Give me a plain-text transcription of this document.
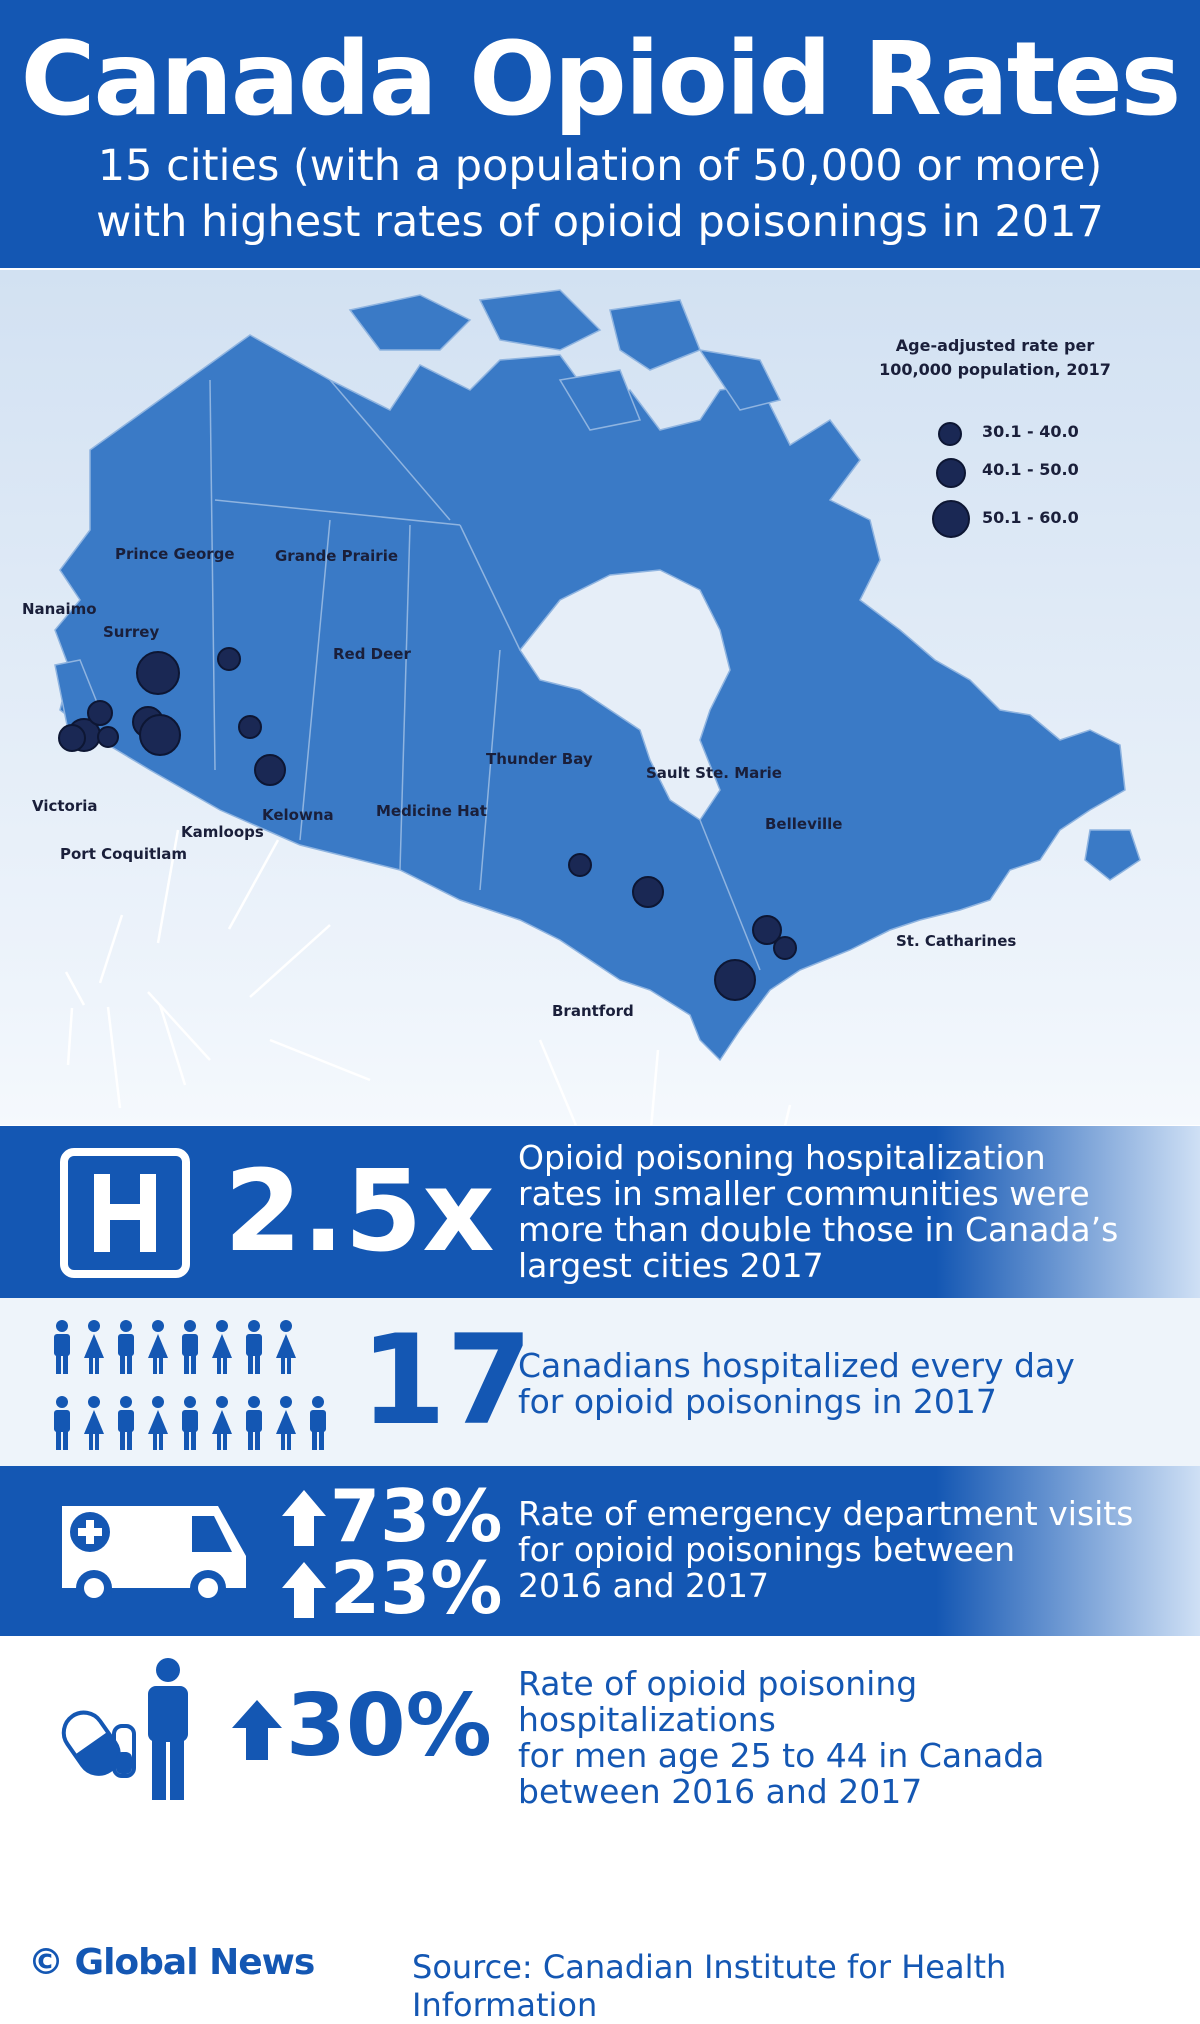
Canada Opioid Rates
15 cities (with a population of 50,000 or more)
with highest rates of opioid poisonings in 2017
Age-adjusted rate per
100,000 population, 2017
30.1 - 40.0
40.1 - 50.0
50.1 - 60.0
Prince George	Grande Prairie
Nanaimo
Surrey
Red Deer
Victoria	Kelowna	Medicine Hat
Kamloops
Port Coquitlam
Thunder Bay
Sault Ste. Marie
Belleville
St. Catharines
Brantford
2.5x Opioid poisoning hospitalization
rates in smaller communities were
more than double those in Canada’s
largest cities 2017
17
Canadians hospitalized every day
for opioid poisonings in 2017
73%
23%
Rate of emergency department visits
for opioid poisonings between
2016 and 2017
30% Rate of opioid poisoning hospitalizations
for men age 25 to 44 in Canada
between 2016 and 2017
© Global News	Source: Canadian Institute for Health Information
